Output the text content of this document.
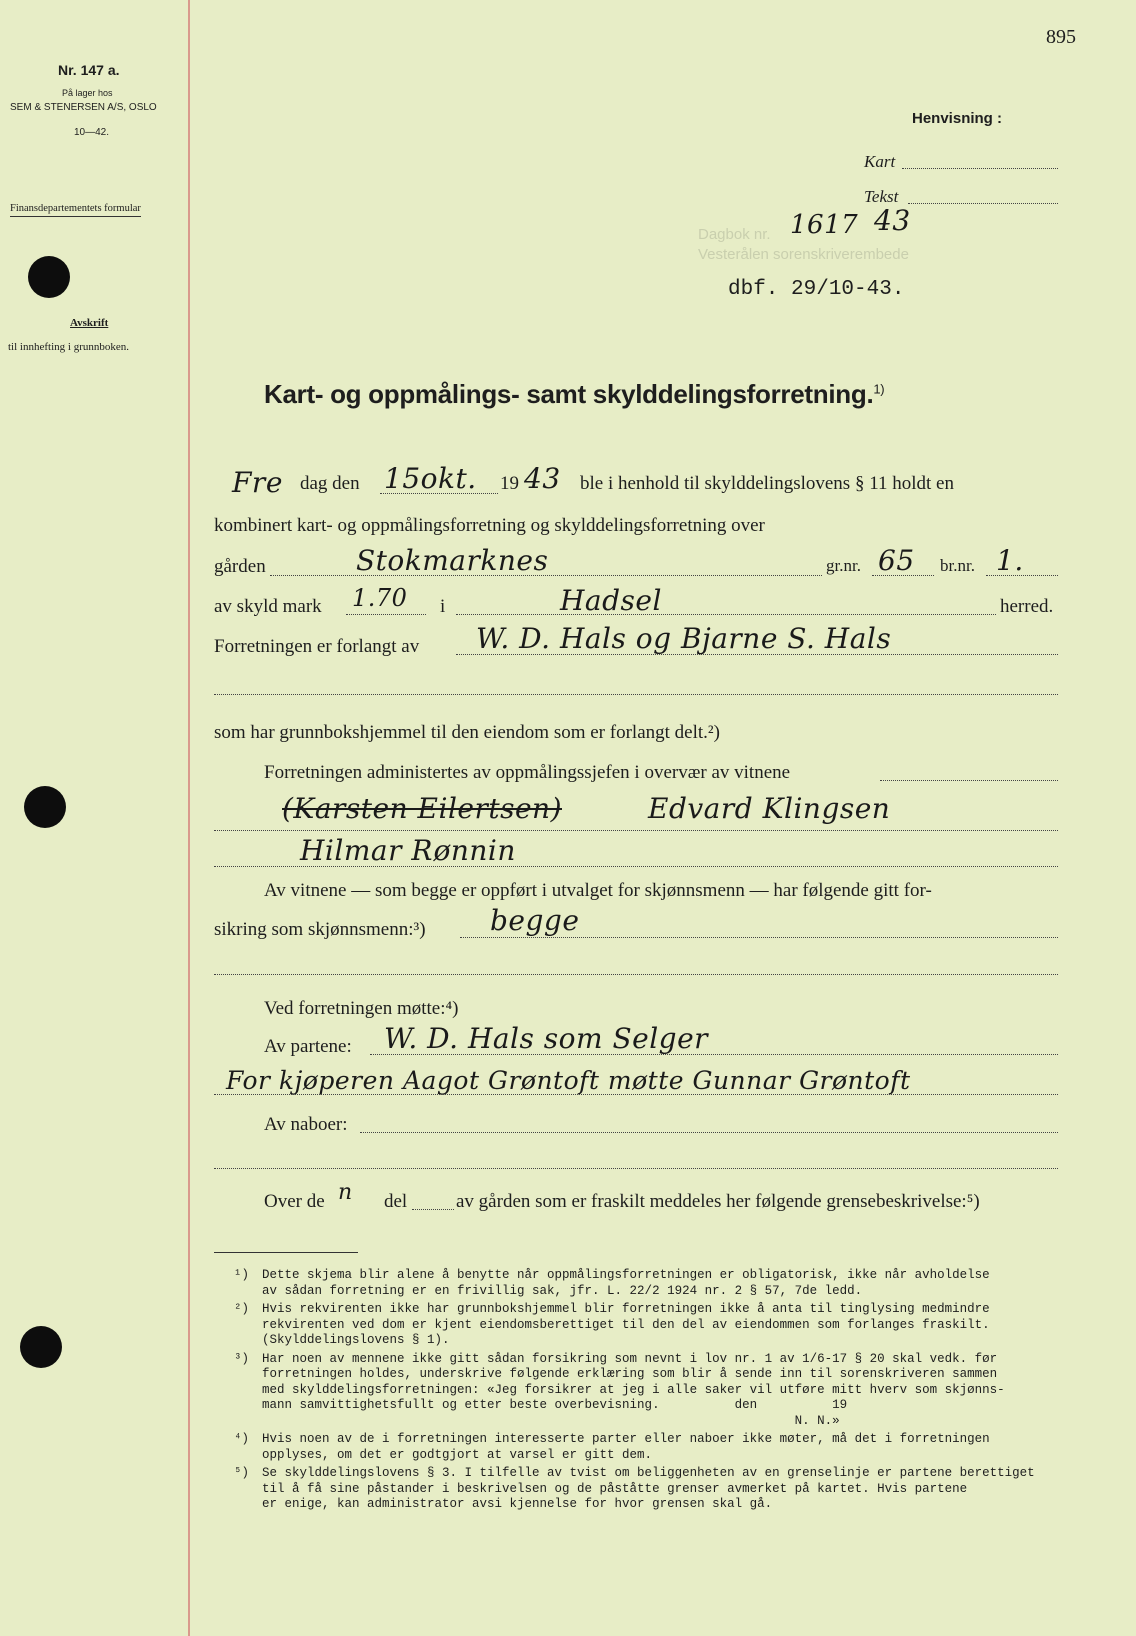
895
Nr. 147 a.
På lager hos
SEM & STENERSEN A/S, OSLO
10—42.
Finansdepartementets formular
Avskrift
til innhefting i grunnboken.
Henvisning :
Kart
Tekst
Dagbok nr. 1617 43
Vesterålen sorenskriverembede
dbf. 29/10-43.
Kart- og oppmålings- samt skylddelingsforretning.$^{1)}$
Fre dag den 15okt. 19 43 ble i henhold til skylddelingslovens § 11 holdt en
kombinert kart- og oppmålingsforretning og skylddelingsforretning over
gården	Stokmarknes	gr.nr. 65 br.nr. 1.
av skyld mark 1.70 i	Hadsel	herred.
Forretningen er forlangt av W. D. Hals og Bjarne S. Hals
som har grunnbokshjemmel til den eiendom som er forlangt delt.²)
Forretningen administertes av oppmålingssjefen i overvær av vitnene
(Karsten Eilertsen)	Edvard Klingsen
Hilmar Rønnin
Av vitnene — som begge er oppført i utvalget for skjønnsmenn — har følgende gitt for-
sikring som skjønnsmenn:³) begge
Ved forretningen møtte:⁴)
Av partene: W. D. Hals som Selger
For kjøperen Aagot Grøntoft møtte Gunnar Grøntoft
Av naboer:
Over de n del	av gården som er fraskilt meddeles her følgende grensebeskrivelse:⁵)
¹) Dette skjema blir alene å benytte når oppmålingsforretningen er obligatorisk, ikke når avholdelse
av sådan forretning er en frivillig sak, jfr. L. 22/2 1924 nr. 2 § 57, 7de ledd.
²) Hvis rekvirenten ikke har grunnbokshjemmel blir forretningen ikke å anta til tinglysing medmindre
rekvirenten ved dom er kjent eiendomsberettiget til den del av eiendommen som forlanges fraskilt.
(Skylddelingslovens § 1).
³) Har noen av mennene ikke gitt sådan forsikring som nevnt i lov nr. 1 av 1/6-17 § 20 skal vedk. før
forretningen holdes, underskrive følgende erklæring som blir å sende inn til sorenskriveren sammen
med skylddelingsforretningen: «Jeg forsikrer at jeg i alle saker vil utføre mitt hverv som skjønns-
mann samvittighetsfullt og etter beste overbevisning.          den          19
N. N.»
⁴) Hvis noen av de i forretningen interesserte parter eller naboer ikke møter, må det i forretningen
opplyses, om det er godtgjort at varsel er gitt dem.
⁵) Se skylddelingslovens § 3. I tilfelle av tvist om beliggenheten av en grenselinje er partene berettiget
til å få sine påstander i beskrivelsen og de påståtte grenser avmerket på kartet. Hvis partene
er enige, kan administrator avsi kjennelse for hvor grensen skal gå.
